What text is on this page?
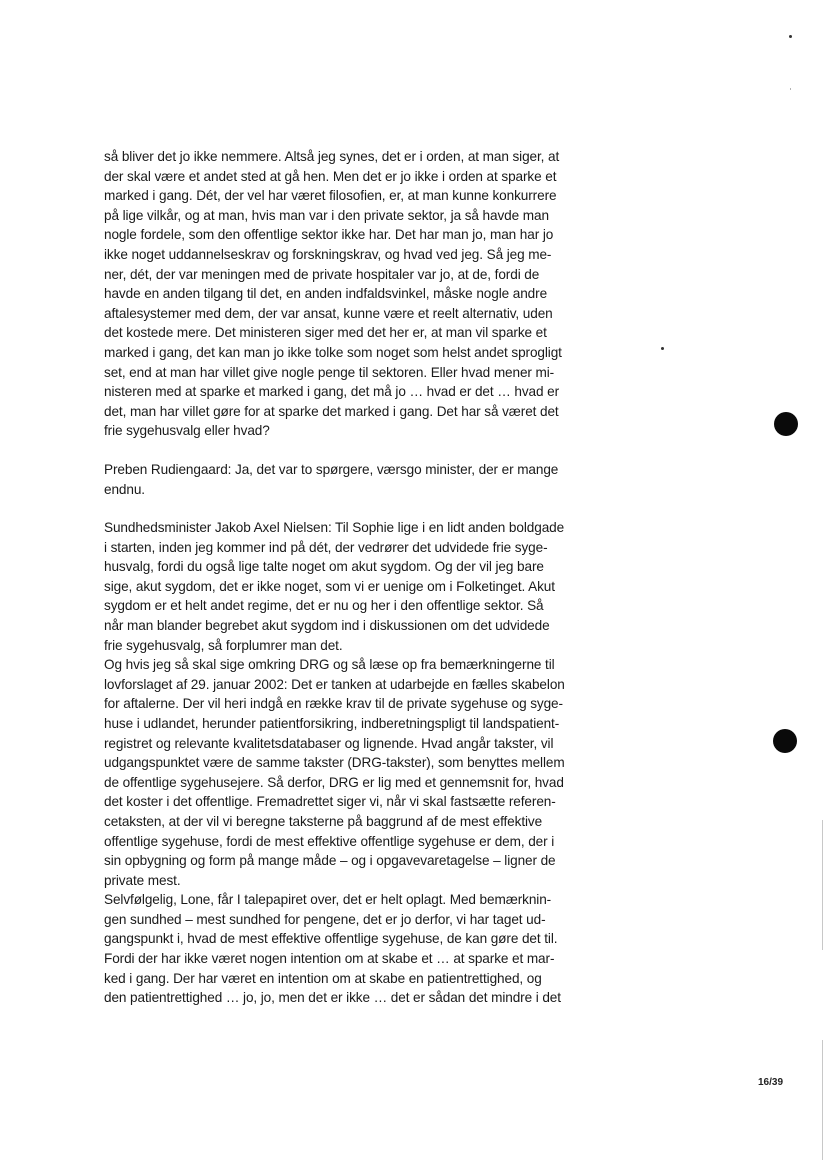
så bliver det jo ikke nemmere. Altså jeg synes, det er i orden, at man siger, at
der skal være et andet sted at gå hen. Men det er jo ikke i orden at sparke et
marked i gang. Dét, der vel har været filosofien, er, at man kunne konkurrere
på lige vilkår, og at man, hvis man var i den private sektor, ja så havde man
nogle fordele, som den offentlige sektor ikke har. Det har man jo, man har jo
ikke noget uddannelseskrav og forskningskrav, og hvad ved jeg. Så jeg me-
ner, dét, der var meningen med de private hospitaler var jo, at de, fordi de
havde en anden tilgang til det, en anden indfaldsvinkel, måske nogle andre
aftalesystemer med dem, der var ansat, kunne være et reelt alternativ, uden
det kostede mere. Det ministeren siger med det her er, at man vil sparke et
marked i gang, det kan man jo ikke tolke som noget som helst andet sprogligt
set, end at man har villet give nogle penge til sektoren. Eller hvad mener mi-
nisteren med at sparke et marked i gang, det må jo … hvad er det … hvad er
det, man har villet gøre for at sparke det marked i gang. Det har så været det
frie sygehusvalg eller hvad?
Preben Rudiengaard: Ja, det var to spørgere, værsgo minister, der er mange
endnu.
Sundhedsminister Jakob Axel Nielsen: Til Sophie lige i en lidt anden boldgade
i starten, inden jeg kommer ind på dét, der vedrører det udvidede frie syge-
husvalg, fordi du også lige talte noget om akut sygdom. Og der vil jeg bare
sige, akut sygdom, det er ikke noget, som vi er uenige om i Folketinget. Akut
sygdom er et helt andet regime, det er nu og her i den offentlige sektor. Så
når man blander begrebet akut sygdom ind i diskussionen om det udvidede
frie sygehusvalg, så forplumrer man det.
Og hvis jeg så skal sige omkring DRG og så læse op fra bemærkningerne til
lovforslaget af 29. januar 2002: Det er tanken at udarbejde en fælles skabelon
for aftalerne. Der vil heri indgå en række krav til de private sygehuse og syge-
huse i udlandet, herunder patientforsikring, indberetningspligt til landspatient-
registret og relevante kvalitetsdatabaser og lignende. Hvad angår takster, vil
udgangspunktet være de samme takster (DRG-takster), som benyttes mellem
de offentlige sygehusejere. Så derfor, DRG er lig med et gennemsnit for, hvad
det koster i det offentlige. Fremadrettet siger vi, når vi skal fastsætte referen-
cetaksten, at der vil vi beregne taksterne på baggrund af de mest effektive
offentlige sygehuse, fordi de mest effektive offentlige sygehuse er dem, der i
sin opbygning og form på mange måde – og i opgavevaretagelse – ligner de
private mest.
Selvfølgelig, Lone, får I talepapiret over, det er helt oplagt. Med bemærknin-
gen sundhed – mest sundhed for pengene, det er jo derfor, vi har taget ud-
gangspunkt i, hvad de mest effektive offentlige sygehuse, de kan gøre det til.
Fordi der har ikke været nogen intention om at skabe et … at sparke et mar-
ked i gang. Der har været en intention om at skabe en patientrettighed, og
den patientrettighed … jo, jo, men det er ikke … det er sådan det mindre i det
16/39
